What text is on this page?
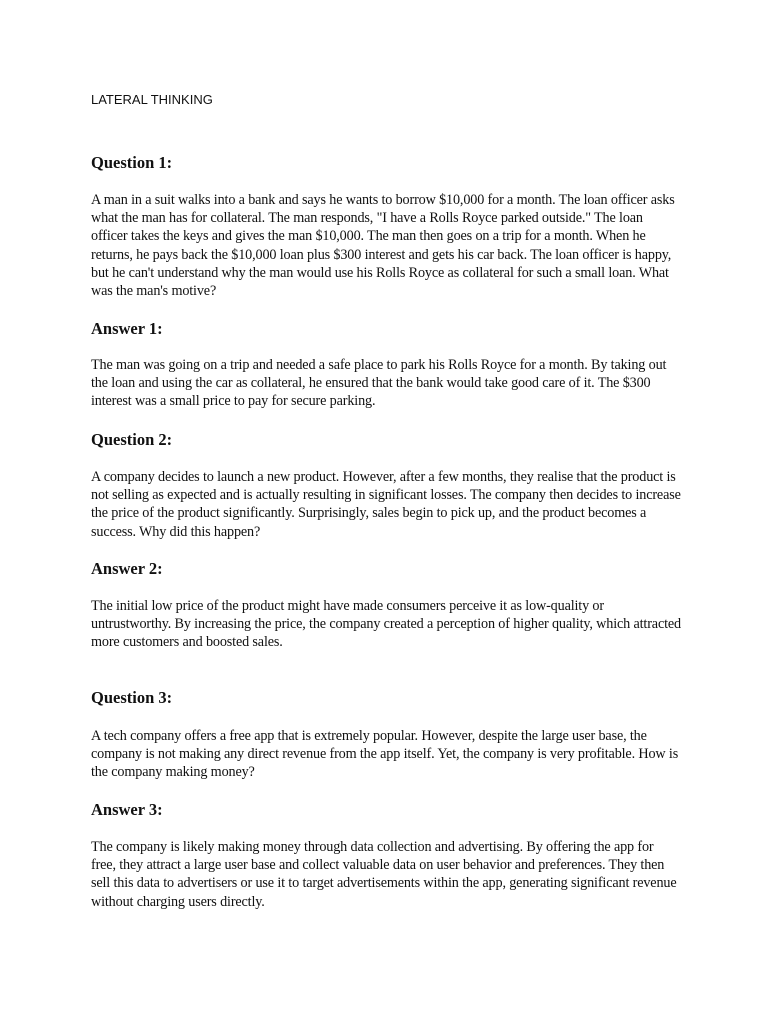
LATERAL THINKING

Question 1:

A man in a suit walks into a bank and says he wants to borrow $10,000 for a month. The loan officer asks what the man has for collateral. The man responds, "I have a Rolls Royce parked outside." The loan officer takes the keys and gives the man $10,000. The man then goes on a trip for a month. When he returns, he pays back the $10,000 loan plus $300 interest and gets his car back. The loan officer is happy, but he can't understand why the man would use his Rolls Royce as collateral for such a small loan. What was the man's motive?

Answer 1:

The man was going on a trip and needed a safe place to park his Rolls Royce for a month. By taking out the loan and using the car as collateral, he ensured that the bank would take good care of it. The $300 interest was a small price to pay for secure parking.

Question 2:

A company decides to launch a new product. However, after a few months, they realise that the product is not selling as expected and is actually resulting in significant losses. The company then decides to increase the price of the product significantly. Surprisingly, sales begin to pick up, and the product becomes a success. Why did this happen?

Answer 2:

The initial low price of the product might have made consumers perceive it as low-quality or untrustworthy. By increasing the price, the company created a perception of higher quality, which attracted more customers and boosted sales.

Question 3:

A tech company offers a free app that is extremely popular. However, despite the large user base, the company is not making any direct revenue from the app itself. Yet, the company is very profitable. How is the company making money?

Answer 3:

The company is likely making money through data collection and advertising. By offering the app for free, they attract a large user base and collect valuable data on user behavior and preferences. They then sell this data to advertisers or use it to target advertisements within the app, generating significant revenue without charging users directly.
